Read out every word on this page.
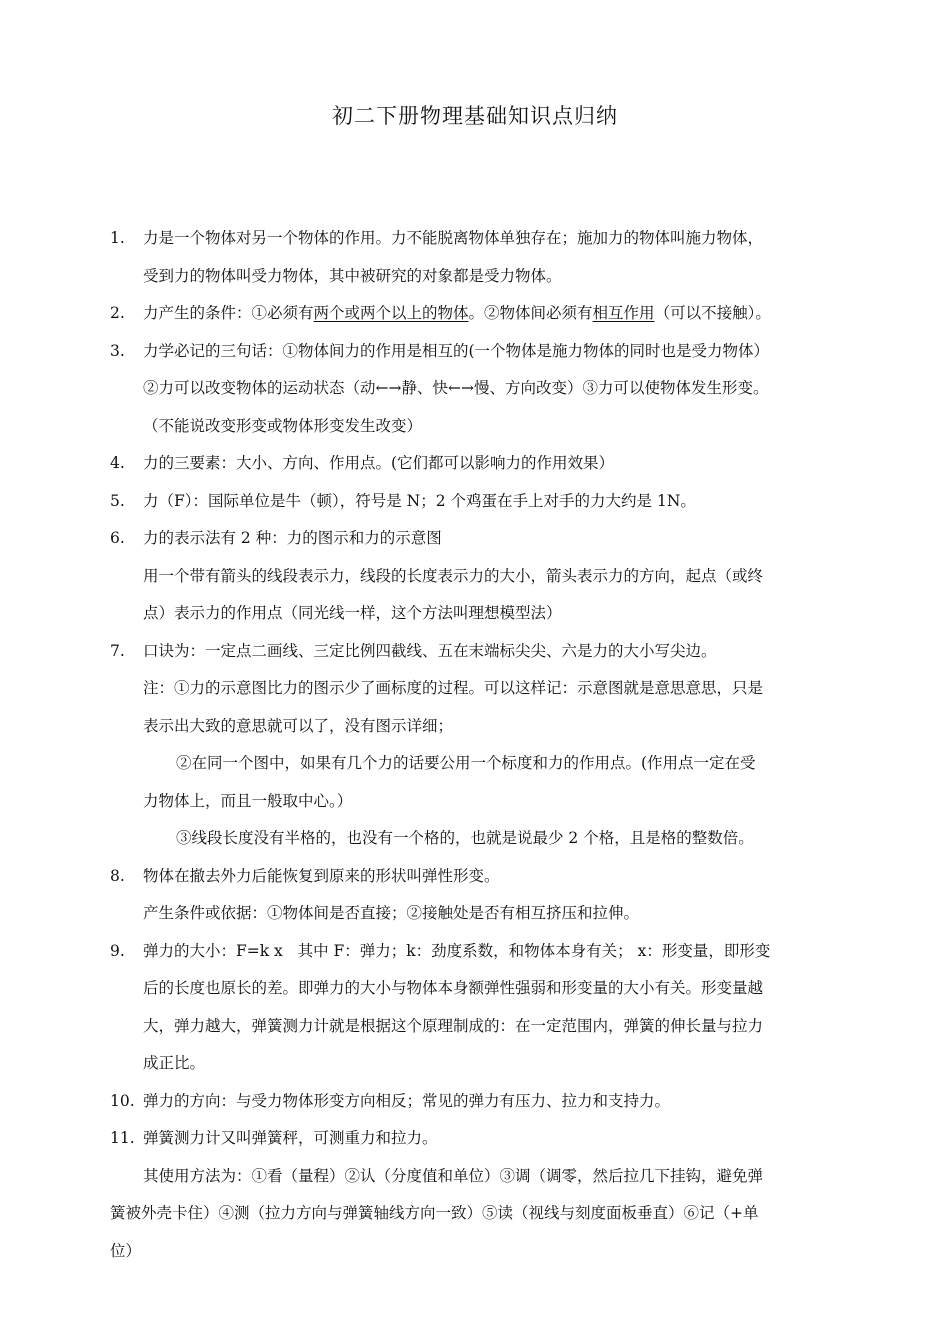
初二下册物理基础知识点归纳
1. 力是一个物体对另一个物体的作用。力不能脱离物体单独存在；施加力的物体叫施力物体，
受到力的物体叫受力物体，其中被研究的对象都是受力物体。
2. 力产生的条件：①必须有两个或两个以上的物体。②物体间必须有相互作用（可以不接触）。
3. 力学必记的三句话：①物体间力的作用是相互的(一个物体是施力物体的同时也是受力物体）
②力可以改变物体的运动状态（动←→静、快←→慢、方向改变）③力可以使物体发生形变。
（不能说改变形变或物体形变发生改变）
4. 力的三要素：大小、方向、作用点。(它们都可以影响力的作用效果）
5. 力（F）：国际单位是牛（顿），符号是 N；2 个鸡蛋在手上对手的力大约是 1N。
6. 力的表示法有 2 种：力的图示和力的示意图
用一个带有箭头的线段表示力，线段的长度表示力的大小，箭头表示力的方向，起点（或终
点）表示力的作用点（同光线一样，这个方法叫理想模型法）
7. 口诀为：一定点二画线、三定比例四截线、五在末端标尖尖、六是力的大小写尖边。
注：①力的示意图比力的图示少了画标度的过程。可以这样记：示意图就是意思意思，只是
表示出大致的意思就可以了，没有图示详细；
②在同一个图中，如果有几个力的话要公用一个标度和力的作用点。(作用点一定在受
力物体上，而且一般取中心。）
③线段长度没有半格的，也没有一个格的，也就是说最少 2 个格，且是格的整数倍。
8. 物体在撤去外力后能恢复到原来的形状叫弹性形变。
产生条件或依据：①物体间是否直接；②接触处是否有相互挤压和拉伸。
9. 弹力的大小：F=k x   其中 F：弹力；k：劲度系数，和物体本身有关； x：形变量，即形变
后的长度也原长的差。即弹力的大小与物体本身额弹性强弱和形变量的大小有关。形变量越
大，弹力越大，弹簧测力计就是根据这个原理制成的：在一定范围内，弹簧的伸长量与拉力
成正比。
10. 弹力的方向：与受力物体形变方向相反；常见的弹力有压力、拉力和支持力。
11. 弹簧测力计又叫弹簧秤，可测重力和拉力。
其使用方法为：①看（量程）②认（分度值和单位）③调（调零，然后拉几下挂钩，避免弹
簧被外壳卡住）④测（拉力方向与弹簧轴线方向一致）⑤读（视线与刻度面板垂直）⑥记（+单
位）
